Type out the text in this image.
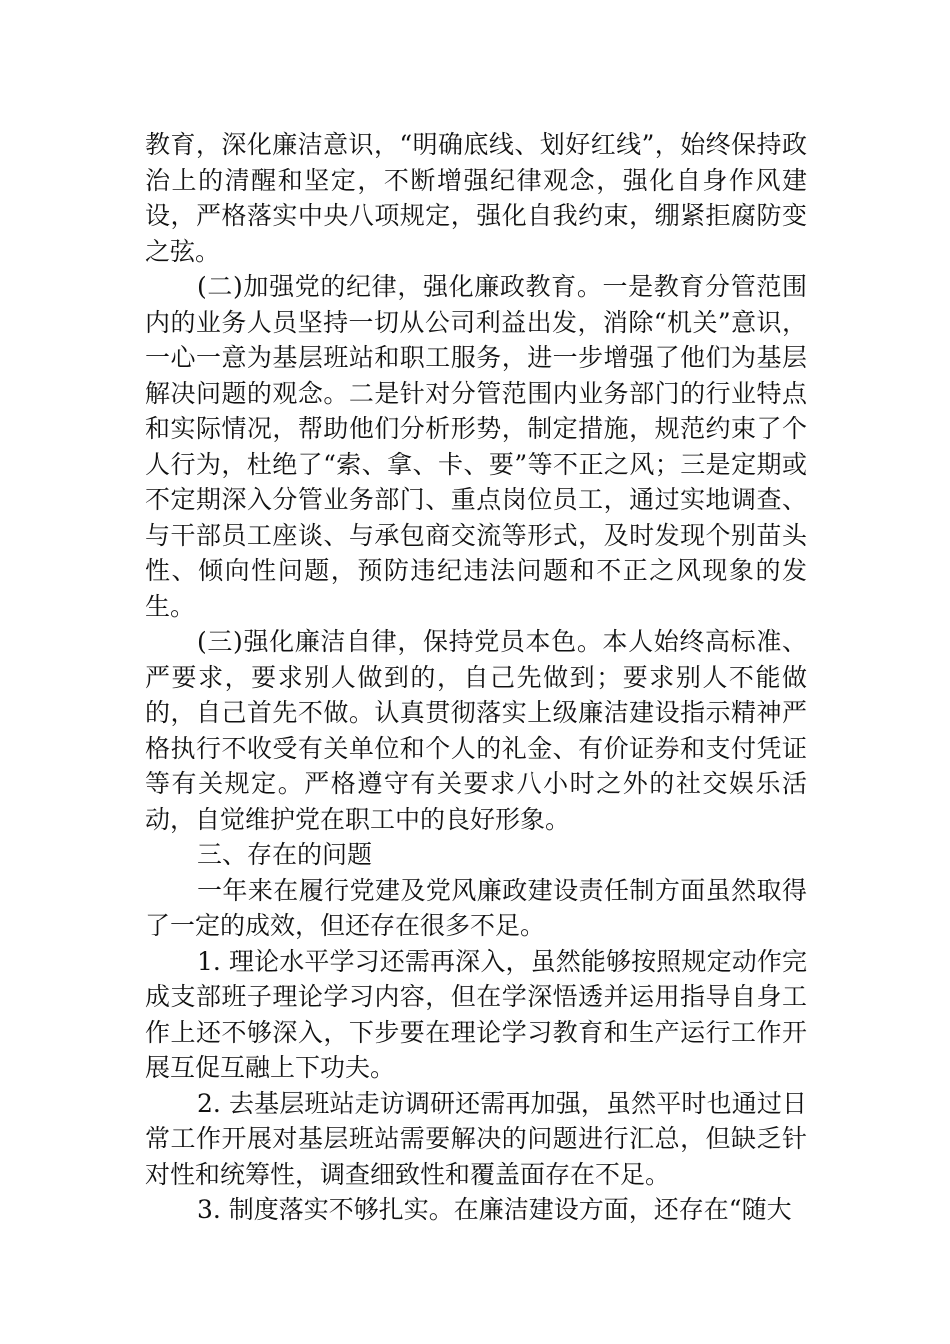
教育，深化廉洁意识，“明确底线、划好红线”，始终保持政治上的清醒和坚定，不断增强纪律观念，强化自身作风建设，严格落实中央八项规定，强化自我约束，绷紧拒腐防变之弦。

(二)加强党的纪律，强化廉政教育。一是教育分管范围内的业务人员坚持一切从公司利益出发，消除“机关”意识，一心一意为基层班站和职工服务，进一步增强了他们为基层解决问题的观念。二是针对分管范围内业务部门的行业特点和实际情况，帮助他们分析形势，制定措施，规范约束了个人行为，杜绝了“索、拿、卡、要”等不正之风；三是定期或不定期深入分管业务部门、重点岗位员工，通过实地调查、与干部员工座谈、与承包商交流等形式，及时发现个别苗头性、倾向性问题，预防违纪违法问题和不正之风现象的发生。

(三)强化廉洁自律，保持党员本色。本人始终高标准、严要求，要求别人做到的，自己先做到；要求别人不能做的，自己首先不做。认真贯彻落实上级廉洁建设指示精神严格执行不收受有关单位和个人的礼金、有价证券和支付凭证等有关规定。严格遵守有关要求八小时之外的社交娱乐活动，自觉维护党在职工中的良好形象。

三、存在的问题

一年来在履行党建及党风廉政建设责任制方面虽然取得了一定的成效，但还存在很多不足。

1. 理论水平学习还需再深入，虽然能够按照规定动作完成支部班子理论学习内容，但在学深悟透并运用指导自身工作上还不够深入，下步要在理论学习教育和生产运行工作开展互促互融上下功夫。

2. 去基层班站走访调研还需再加强，虽然平时也通过日常工作开展对基层班站需要解决的问题进行汇总，但缺乏针对性和统筹性，调查细致性和覆盖面存在不足。

3. 制度落实不够扎实。在廉洁建设方面，还存在“随大
